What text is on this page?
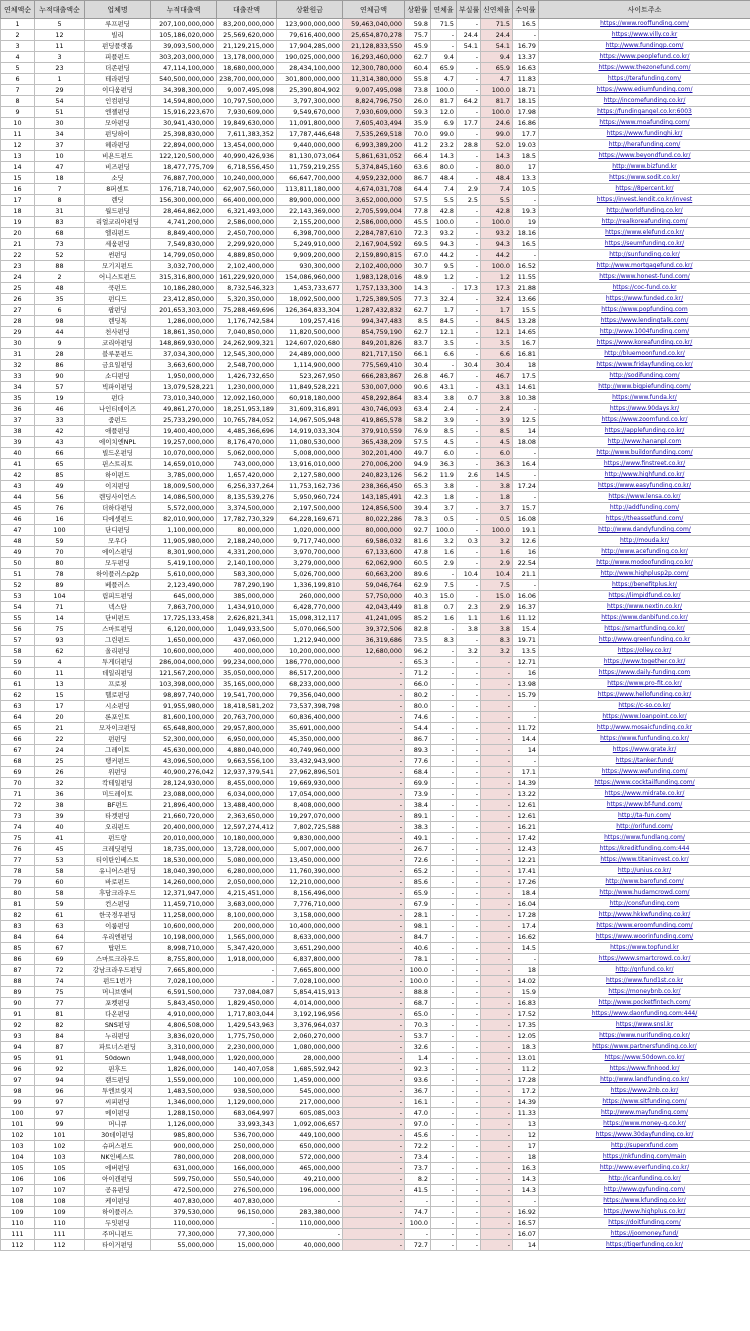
연체액순	누적대출액순	업체명	누적대출액	대출잔액	상환원금	연체금액	상환률	연체율	부실률	신연체율	수익률	사이트주소
1	5	루프펀딩	207,100,000,000	83,200,000,000	123,900,000,000	59,463,040,000	59.8	71.5	-	71.5	16.5	https://www.rooffunding.com/
2	12	빌리	105,186,020,000	25,569,620,000	79,616,400,000	25,654,870,278	75.7	-	24.4	24.4	-	https://www.villy.co.kr
3	11	펀딩플랫폼	39,093,500,000	21,129,215,000	17,904,285,000	21,128,833,550	45.9	-	54.1	54.1	16.79	http://www.fundingp.com/
4	3	피플펀드	303,203,000,000	13,178,000,000	190,025,000,000	16,293,460,000	62.7	9.4	-	9.4	13.37	https://www.peoplefund.co.kr/
5	23	더존펀딩	47,114,100,000	18,680,000,000	28,434,100,000	12,300,780,000	60.4	65.9	-	65.9	16.63	https://www.thezonefund.com/
6	1	테라펀딩	540,500,000,000	238,700,000,000	301,800,000,000	11,314,380,000	55.8	4.7	-	4.7	11.83	https://terafunding.com/
7	29	이디움펀딩	34,398,300,000	9,007,495,098	25,390,804,902	9,007,495,098	73.8	100.0	-	100.0	18.71	https://www.ediumfunding.com/
8	54	인컴펀딩	14,594,800,000	10,797,500,000	3,797,300,000	8,824,796,750	26.0	81.7	64.2	81.7	18.15	http://incomefunding.co.kr/
9	51	엔젤펀딩	15,916,223,670	7,930,609,000	9,549,670,000	7,930,609,000	59.3	12.0	-	100.0	17.98	https://fundingangel.co.kr:6003
10	30	모아펀딩	30,941,430,000	19,849,630,000	11,091,800,000	7,605,403,494	35.9	6.9	17.7	24.6	16.86	https://www.moafunding.com/
11	34	펀딩하이	25,398,830,000	7,611,383,352	17,787,446,648	7,535,269,518	70.0	99.0	-	99.0	17.7	https://www.fundinghi.kr/
12	37	헤라펀딩	22,894,000,000	13,454,000,000	9,440,000,000	6,993,389,200	41.2	23.2	28.8	52.0	19.03	http://herafunding.com/
13	10	비욘드펀드	122,120,500,000	40,990,426,936	81,130,073,064	5,861,631,052	66.4	14.3	-	14.3	18.5	https://www.beyondfund.co.kr/
14	47	비즈펀딩	18,477,775,709	6,718,556,450	11,759,219,255	5,374,845,160	63.6	80.0	-	80.0	17	http://www.bizfund.kr
15	18	소딧	76,887,700,000	10,240,000,000	66,647,700,000	4,959,232,000	86.7	48.4	-	48.4	13.3	https://www.sodit.co.kr/
16	7	8퍼센트	176,718,740,000	62,907,560,000	113,811,180,000	4,674,031,708	64.4	7.4	2.9	7.4	10.5	https://8percent.kr/
17	8	렌딧	156,300,000,000	66,400,000,000	89,900,000,000	3,652,000,000	57.5	5.5	2.5	5.5	-	https://invest.lendit.co.kr/invest
18	31	월드펀딩	28,464,862,000	6,321,493,000	22,143,369,000	2,705,599,004	77.8	42.8	-	42.8	19.3	http://worldfunding.co.kr/
19	83	리얼코리아펀딩	4,741,200,000	2,586,000,000	2,155,200,000	2,586,000,000	45.5	100.0	-	100.0	19	http://realkoreafunding.com/
20	68	엘리펀드	8,849,400,000	2,450,700,000	6,398,700,000	2,284,787,610	72.3	93.2	-	93.2	18.16	https://www.elefund.co.kr/
21	73	세움펀딩	7,549,830,000	2,299,920,000	5,249,910,000	2,167,904,592	69.5	94.3	-	94.3	16.5	https://seumfunding.co.kr/
22	52	썬펀딩	14,799,050,000	4,889,850,000	9,909,200,000	2,159,890,815	67.0	44.2	-	44.2	-	http://sunfunding.co.kr/
23	88	모기지펀드	3,032,700,000	2,102,400,000	930,300,000	2,102,400,000	30.7	9.5	-	100.0	16.52	http://www.mortgagefund.co.kr/
24	2	어니스트펀드	315,316,800,000	161,229,920,000	154,086,960,000	1,983,128,016	48.9	1.2	-	1.2	11.55	https://www.honest-fund.com/
25	48	쿡펀드	10,186,280,000	8,732,546,323	1,453,733,677	1,757,133,300	14.3	-	17.3	17.3	21.88	https://coc-fund.co.kr
26	35	펀디드	23,412,850,000	5,320,350,000	18,092,500,000	1,725,389,505	77.3	32.4	-	32.4	13.66	https://www.funded.co.kr/
27	6	팝펀딩	201,653,303,000	75,288,469,696	126,364,833,304	1,287,432,832	62.7	1.7	-	1.7	15.5	https://www.popfunding.com
28	98	렌딩톡	1,286,000,000	1,176,742,584	109,257,416	994,347,483	8.5	84.5	-	84.5	13.28	https://www.lendingtalk.com/
29	44	천사펀딩	18,861,350,000	7,040,850,000	11,820,500,000	854,759,190	62.7	12.1	-	12.1	14.65	http://www.1004funding.com/
30	9	코리아펀딩	148,869,930,000	24,262,909,321	124,607,020,680	849,201,826	83.7	3.5	-	3.5	16.7	https://www.koreafunding.co.kr/
31	28	블루문펀드	37,034,300,000	12,545,300,000	24,489,000,000	821,717,150	66.1	6.6	-	6.6	16.81	http://bluemoonfund.co.kr/
32	86	금요일펀딩	3,663,600,000	2,548,700,000	1,114,900,000	775,569,410	30.4	-	30.4	30.4	18	https://www.fridayfunding.co.kr/
33	90	소디펀딩	1,950,000,000	1,426,732,650	523,267,950	666,283,867	26.8	46.7	-	46.7	17.5	http://sodifunding.com/
34	57	빅파이펀딩	13,079,528,221	1,230,000,000	11,849,528,221	530,007,000	90.6	43.1	-	43.1	14.61	http://www.bigpiefunding.com/
35	19	펀다	73,010,340,000	12,092,160,000	60,918,180,000	458,292,864	83.4	3.8	0.7	3.8	10.38	https://www.funda.kr/
36	46	나인티데이즈	49,861,270,000	18,251,953,189	31,609,316,891	430,746,093	63.4	2.4	-	2.4	-	https://www.90days.kr/
37	33	줌펀드	25,733,290,000	10,765,784,052	14,967,505,948	419,865,578	58.2	3.9	-	3.9	12.5	https://www.zoomfund.co.kr/
38	42	애플펀딩	19,400,400,000	4,485,366,696	14,919,033,304	379,910,559	76.9	8.5	-	8.5	14	https://applefunding.co.kr/
39	43	에이치엔NPL	19,257,000,000	8,176,470,000	11,080,530,000	365,438,209	57.5	4.5	-	4.5	18.08	http://www.hananpl.com
40	66	빌드온펀딩	10,070,000,000	5,062,000,000	5,008,000,000	302,201,400	49.7	6.0	-	6.0	-	http://www.buildonfunding.com/
41	65	핀스트리트	14,659,010,000	743,000,000	13,916,010,000	270,006,200	94.9	36.3	-	36.3	16.4	https://www.finstreet.co.kr/
42	85	하이펀드	3,785,000,000	1,657,420,000	2,127,580,000	240,823,126	56.2	11.9	2.6	14.5	-	http://www.highfund.co.kr/
43	49	이지펀딩	18,009,500,000	6,256,337,264	11,753,162,736	238,366,450	65.3	3.8	-	3.8	17.24	https://www.easyfunding.co.kr/
44	56	렌딩사이언스	14,086,500,000	8,135,539,276	5,950,960,724	143,185,491	42.3	1.8	-	1.8	-	https://www.lensa.co.kr/
45	76	더하다펀딩	5,572,000,000	3,374,500,000	2,197,500,000	124,856,500	39.4	3.7	-	3.7	15.7	http://addfunding.com/
46	16	디에셋펀드	82,010,900,000	17,782,730,329	64,228,169,671	80,022,286	78.3	0.5	-	0.5	16.08	https://theassetfund.com/
47	100	단디펀딩	1,100,000,000	80,000,000	1,020,000,000	80,000,000	92.7	100.0	-	100.0	19.1	http://www.dandyfunding.com/
48	59	모우다	11,905,980,000	2,188,240,000	9,717,740,000	69,586,032	81.6	3.2	0.3	3.2	12.6	http://mouda.kr/
49	70	에이스펀딩	8,301,900,000	4,331,200,000	3,970,700,000	67,133,600	47.8	1.6	-	1.6	16	http://www.acefunding.co.kr/
50	80	모두펀딩	5,419,100,000	2,140,100,000	3,279,000,000	62,062,900	60.5	2.9	-	2.9	22.54	http://www.modoofunding.co.kr/
51	78	하이플러스p2p	5,610,000,000	583,300,000	5,026,700,000	60,663,200	89.6	-	10.4	10.4	21.1	http://www.highplusp2p.com/
52	89	베플러스	2,123,490,000	787,290,190	1,336,199,810	59,046,764	62.9	7.5	-	7.5	-	https://benefitplus.kr/
53	104	림피드펀딩	645,000,000	385,000,000	260,000,000	57,750,000	40.3	15.0	-	15.0	16.06	https://limpidfund.co.kr/
54	71	넥스탄	7,863,700,000	1,434,910,000	6,428,770,000	42,043,449	81.8	0.7	2.3	2.9	16.37	https://www.nextin.co.kr/
55	14	단비펀드	17,725,133,458	2,626,821,341	15,098,312,117	41,241,095	85.2	1.6	1.1	1.6	11.12	https://www.danbifund.co.kr/
56	75	스마트펀딩	6,120,000,000	1,049,933,500	5,070,066,500	39,372,506	82.8	-	3.8	3.8	15.4	https://smartfunding.co.kr/
57	93	그린펀드	1,650,000,000	437,060,000	1,212,940,000	36,319,686	73.5	8.3	-	8.3	19.71	http://www.greenfunding.co.kr
58	62	올리펀딩	10,600,000,000	400,000,000	10,200,000,000	12,680,000	96.2	-	3.2	3.2	13.5	https://olley.co.kr/
59	4	투게더펀딩	286,004,000,000	99,234,000,000	186,770,000,000	-	65.3	-	-	-	12.71	https://www.together.co.kr/
60	11	데일리펀딩	121,567,200,000	35,050,000,000	86,517,200,000	-	71.2	-	-	-	16	https://www.daily-funding.com
61	13	프로핏	103,398,000,000	35,165,000,000	68,233,000,000	-	66.0	-	-	-	13.98	https://www.pro-fit.co.kr/
62	15	헬로펀딩	98,897,740,000	19,541,700,000	79,356,040,000	-	80.2	-	-	-	15.79	https://www.hellofunding.co.kr/
63	17	시소펀딩	91,955,980,000	18,418,581,202	73,537,398,798	-	80.0	-	-	-	-	https://c-so.co.kr/
64	20	론포인트	81,600,100,000	20,763,700,000	60,836,400,000	-	74.6	-	-	-	-	https://www.loanpoint.co.kr/
65	21	모자이크펀딩	65,648,800,000	29,957,800,000	35,691,000,000	-	54.4	-	-	-	11.72	http://www.mosaicfunding.co.kr
66	22	펀펀딩	52,300,000,000	6,950,000,000	45,350,000,000	-	86.7	-	-	-	14.4	https://www.funfunding.co.kr/
67	24	그레이트	45,630,000,000	4,880,040,000	40,749,960,000	-	89.3	-	-	-	14	https://www.grate.kr/
68	25	탱커펀드	43,096,500,000	9,663,556,100	33,432,943,900	-	77.6	-	-	-	-	https://tanker.fund/
69	26	위펀딩	40,900,276,042	12,937,379,541	27,962,896,501	-	68.4	-	-	-	17.1	https://www.wefunding.com/
70	32	칵테일펀딩	28,124,930,000	8,455,000,000	19,669,930,000	-	69.9	-	-	-	14.39	https://www.cocktailfunding.com/
71	36	미드레이트	23,088,000,000	6,034,000,000	17,054,000,000	-	73.9	-	-	-	13.22	https://www.midrate.co.kr/
72	38	BF펀드	21,896,400,000	13,488,400,000	8,408,000,000	-	38.4	-	-	-	12.61	https://www.bf-fund.com/
73	39	타겟펀딩	21,660,720,000	2,363,650,000	19,297,070,000	-	89.1	-	-	-	12.61	http://ta-fun.com/
74	40	오리펀드	20,400,000,000	12,597,274,412	7,802,725,588	-	38.3	-	-	-	16.21	http://orifund.com/
75	41	펀드랑	20,010,000,000	10,180,000,000	9,830,000,000	-	49.1	-	-	-	17.42	https://www.fundlang.com/
76	45	크레딧펀딩	18,735,000,000	13,728,000,000	5,007,000,000	-	26.7	-	-	-	12.43	https://kreditfunding.com:444
77	53	티이탄인베스트	18,530,000,000	5,080,000,000	13,450,000,000	-	72.6	-	-	-	12.21	https://www.titaninvest.co.kr/
78	58	유니어스펀딩	18,040,390,000	6,280,000,000	11,760,390,000	-	65.2	-	-	-	17.41	http://unius.co.kr/
79	60	바로펀드	14,260,000,000	2,050,000,000	12,210,000,000	-	85.6	-	-	-	17.26	http://www.barofund.com/
80	58	후담크라우드	12,371,947,000	4,215,451,000	8,156,496,000	-	65.9	-	-	-	18.4	http://www.hudamcrowd.com/
81	59	컨스펀딩	11,459,710,000	3,683,000,000	7,776,710,000	-	67.9	-	-	-	16.04	http://consfunding.com
82	61	한국경우펀딩	11,258,000,000	8,100,000,000	3,158,000,000	-	28.1	-	-	-	17.28	http://www.hkkwfunding.co.kr/
83	63	이룸펀딩	10,600,000,000	200,000,000	10,400,000,000	-	98.1	-	-	-	17.4	https://www.eroomfunding.com/
84	64	우리엔펀딩	10,198,000,000	1,565,000,000	8,633,000,000	-	84.7	-	-	-	16.62	https://www.woorinfunding.com/
85	67	탑펀드	8,998,710,000	5,347,420,000	3,651,290,000	-	40.6	-	-	-	14.5	https://www.topfund.kr
86	69	스마트크라우드	8,755,800,000	1,918,000,000	6,837,800,000	-	78.1	-	-	-	-	https://www.smartcrowd.co.kr/
87	72	강남크라우드펀딩	7,665,800,000	-	7,665,800,000	-	100.0	-	-	-	18	http://gnfund.co.kr/
88	74	펀드1번가	7,028,100,000	-	7,028,100,000	-	100.0	-	-	-	14.02	https://www.fund1st.co.kr
89	75	머니브앤비	6,591,500,000	737,084,087	5,854,415,913	-	88.8	-	-	-	15.9	https://moneybnb.co.kr/
90	77	포켓펀딩	5,843,450,000	1,829,450,000	4,014,000,000	-	68.7	-	-	-	16.83	http://www.pocketfintech.com/
91	81	다온펀딩	4,910,000,000	1,717,803,044	3,192,196,956	-	65.0	-	-	-	17.52	https://www.daonfunding.com:444/
92	82	SNS펀딩	4,806,508,000	1,429,543,963	3,376,964,037	-	70.3	-	-	-	17.35	https://www.snsl.kr
93	84	누리펀딩	3,836,020,000	1,775,750,000	2,060,270,000	-	53.7	-	-	-	12.05	https://www.nurifunding.co.kr/
94	87	파트너스펀딩	3,310,000,000	2,230,000,000	1,080,000,000	-	32.6	-	-	-	18.3	https://www.partnersfunding.co.kr/
95	91	50down	1,948,000,000	1,920,000,000	28,000,000	-	1.4	-	-	-	13.01	https://www.50down.co.kr/
96	92	핀후드	1,826,000,000	140,407,058	1,685,592,942	-	92.3	-	-	-	11.2	https://www.finhood.kr/
97	94	랜드펀딩	1,559,000,000	100,000,000	1,459,000,000	-	93.6	-	-	-	17.28	http://www.landfunding.co.kr/
98	96	투엔브릿지	1,483,500,000	938,500,000	545,000,000	-	36.7	-	-	-	17.2	https://www.2nb.co.kr/
99	97	씨피펀딩	1,346,000,000	1,129,000,000	217,000,000	-	16.1	-	-	-	14.39	https://www.sitfunding.com/
100	97	메이펀딩	1,288,150,000	683,064,997	605,085,003	-	47.0	-	-	-	11.33	http://www.mayfunding.com/
101	99	머니큐	1,126,000,000	33,993,343	1,092,006,657	-	97.0	-	-	-	13	https://www.money-q.co.kr/
102	101	30데이펀딩	985,800,000	536,700,000	449,100,000	-	45.6	-	-	-	12	https://www.30dayfunding.co.kr/
103	102	슈퍼스펀드	900,000,000	250,000,000	650,000,000	-	72.2	-	-	-	17	http://superxfund.com
104	103	NK인베스트	780,000,000	208,000,000	572,000,000	-	73.4	-	-	-	18	https://nkfunding.com/main
105	105	에버펀딩	631,000,000	166,000,000	465,000,000	-	73.7	-	-	-	16.3	http://www.everfunding.co.kr/
106	106	아이캔펀딩	599,750,000	550,540,000	49,210,000	-	8.2	-	-	-	14.3	http://icanfunding.co.kr/
107	107	공유펀딩	472,500,000	276,500,000	196,000,000	-	41.5	-	-	-	14.3	http://www.gyfunding.com/
108	108	케이펀딩	407,830,000	407,830,000	-	-	-	-	-	-	-	https://www.kfunding.co.kr/
109	109	하이플러스	379,530,000	96,150,000	283,380,000	-	74.7	-	-	-	16.92	https://www.highplus.co.kr/
110	110	두잇펀딩	110,000,000	-	110,000,000	-	100.0	-	-	-	16.57	https://doitfunding.com/
111	111	주머니펀드	77,300,000	77,300,000	-	-	-	-	-	-	16.07	https://joomoney.fund/
112	112	타이거펀딩	55,000,000	15,000,000	40,000,000	-	72.7	-	-	-	14	https://tigerfunding.co.kr/
